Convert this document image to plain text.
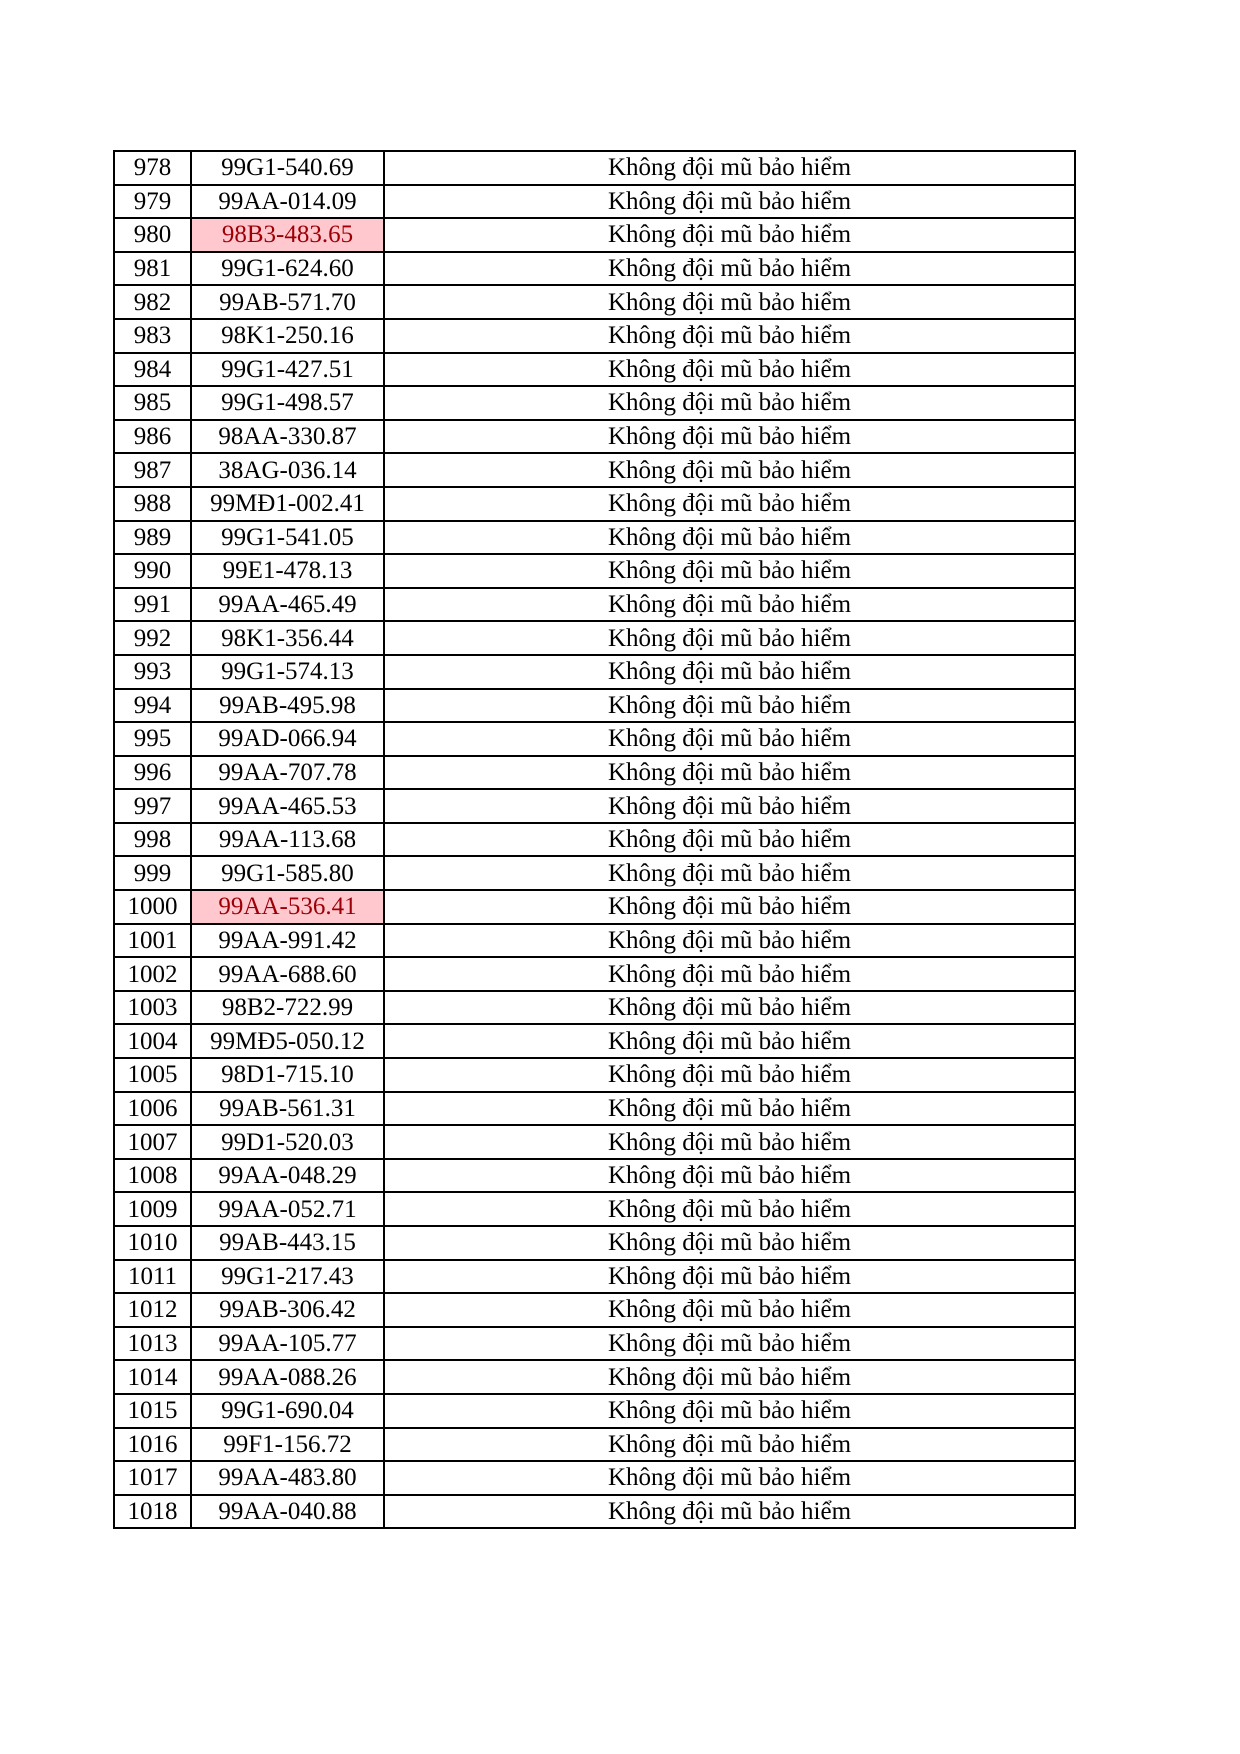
978	99G1-540.69	Không đội mũ bảo hiểm
979	99AA-014.09	Không đội mũ bảo hiểm
980	98B3-483.65	Không đội mũ bảo hiểm
981	99G1-624.60	Không đội mũ bảo hiểm
982	99AB-571.70	Không đội mũ bảo hiểm
983	98K1-250.16	Không đội mũ bảo hiểm
984	99G1-427.51	Không đội mũ bảo hiểm
985	99G1-498.57	Không đội mũ bảo hiểm
986	98AA-330.87	Không đội mũ bảo hiểm
987	38AG-036.14	Không đội mũ bảo hiểm
988	99MĐ1-002.41	Không đội mũ bảo hiểm
989	99G1-541.05	Không đội mũ bảo hiểm
990	99E1-478.13	Không đội mũ bảo hiểm
991	99AA-465.49	Không đội mũ bảo hiểm
992	98K1-356.44	Không đội mũ bảo hiểm
993	99G1-574.13	Không đội mũ bảo hiểm
994	99AB-495.98	Không đội mũ bảo hiểm
995	99AD-066.94	Không đội mũ bảo hiểm
996	99AA-707.78	Không đội mũ bảo hiểm
997	99AA-465.53	Không đội mũ bảo hiểm
998	99AA-113.68	Không đội mũ bảo hiểm
999	99G1-585.80	Không đội mũ bảo hiểm
1000	99AA-536.41	Không đội mũ bảo hiểm
1001	99AA-991.42	Không đội mũ bảo hiểm
1002	99AA-688.60	Không đội mũ bảo hiểm
1003	98B2-722.99	Không đội mũ bảo hiểm
1004	99MĐ5-050.12	Không đội mũ bảo hiểm
1005	98D1-715.10	Không đội mũ bảo hiểm
1006	99AB-561.31	Không đội mũ bảo hiểm
1007	99D1-520.03	Không đội mũ bảo hiểm
1008	99AA-048.29	Không đội mũ bảo hiểm
1009	99AA-052.71	Không đội mũ bảo hiểm
1010	99AB-443.15	Không đội mũ bảo hiểm
1011	99G1-217.43	Không đội mũ bảo hiểm
1012	99AB-306.42	Không đội mũ bảo hiểm
1013	99AA-105.77	Không đội mũ bảo hiểm
1014	99AA-088.26	Không đội mũ bảo hiểm
1015	99G1-690.04	Không đội mũ bảo hiểm
1016	99F1-156.72	Không đội mũ bảo hiểm
1017	99AA-483.80	Không đội mũ bảo hiểm
1018	99AA-040.88	Không đội mũ bảo hiểm
